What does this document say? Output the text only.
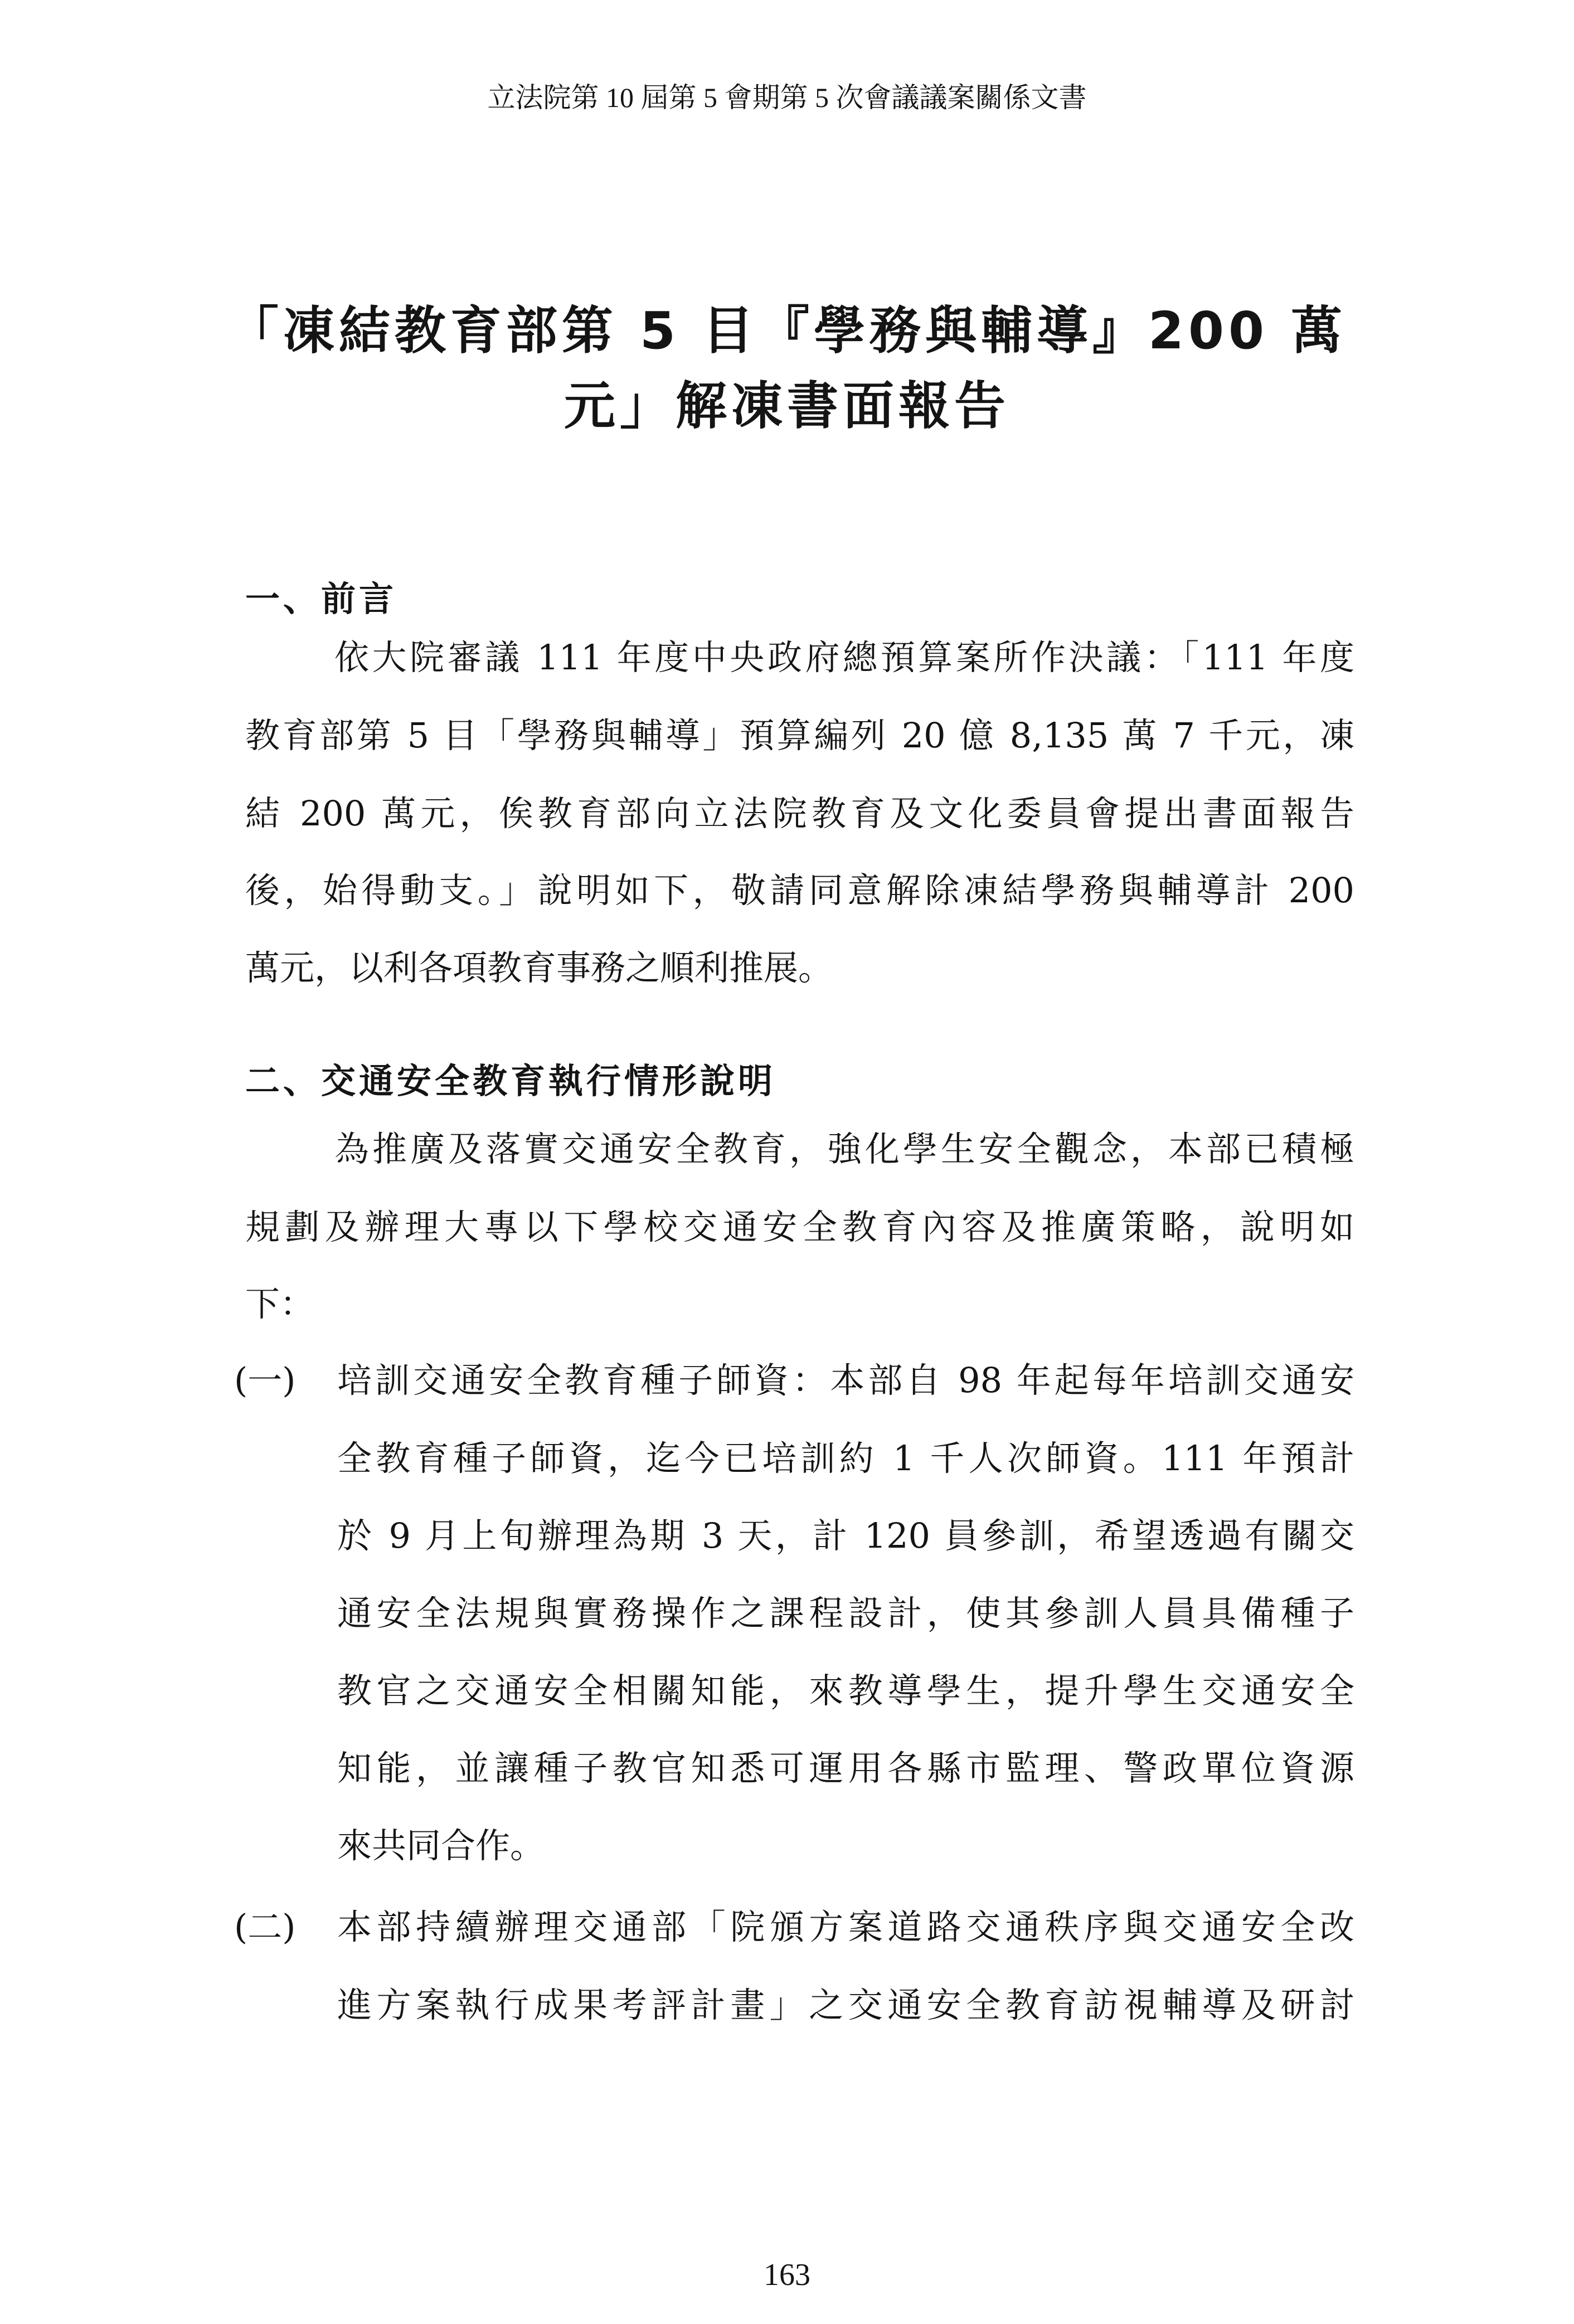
立法院第 10 屆第 5 會期第 5 次會議議案關係文書
「凍結教育部第 5 目『學務與輔導』200 萬
元」解凍書面報告
一、前言
依大院審議 111 年度中央政府總預算案所作決議：「111 年度
教育部第 5 目「學務與輔導」預算編列 20 億 8,135 萬 7 千元，凍
結 200 萬元，俟教育部向立法院教育及文化委員會提出書面報告
後，始得動支。」說明如下，敬請同意解除凍結學務與輔導計 200
萬元，以利各項教育事務之順利推展。
二、交通安全教育執行情形說明
為推廣及落實交通安全教育，強化學生安全觀念，本部已積極
規劃及辦理大專以下學校交通安全教育內容及推廣策略，說明如
下：
(一) 培訓交通安全教育種子師資：本部自 98 年起每年培訓交通安
全教育種子師資，迄今已培訓約 1 千人次師資。111 年預計
於 9 月上旬辦理為期 3 天，計 120 員參訓，希望透過有關交
通安全法規與實務操作之課程設計，使其參訓人員具備種子
教官之交通安全相關知能，來教導學生，提升學生交通安全
知能，並讓種子教官知悉可運用各縣市監理、警政單位資源
來共同合作。
(二) 本部持續辦理交通部「院頒方案道路交通秩序與交通安全改
進方案執行成果考評計畫」之交通安全教育訪視輔導及研討
163
